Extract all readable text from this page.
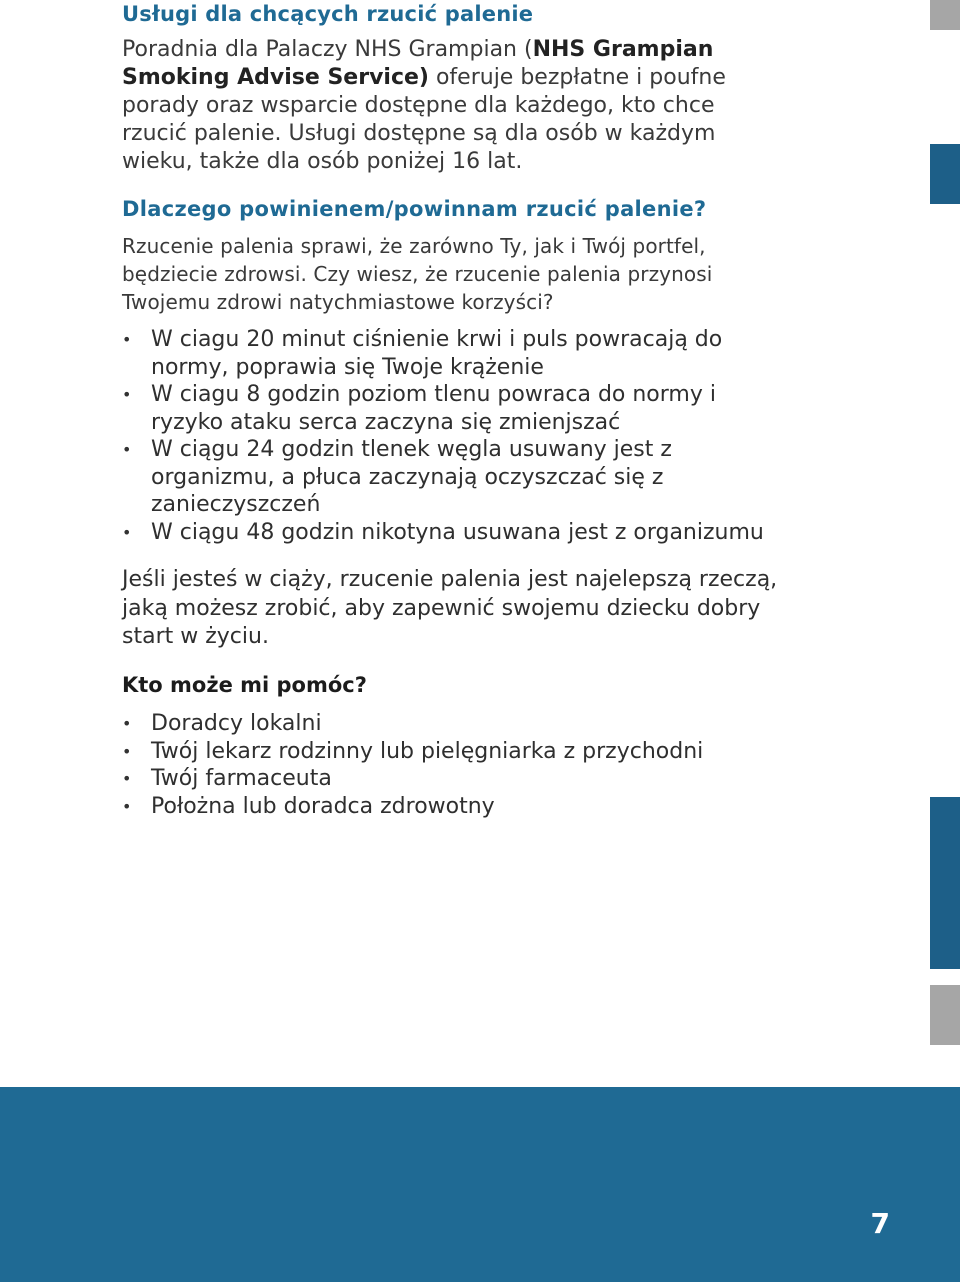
Usługi dla chcących rzucić palenie

Poradnia dla Palaczy NHS Grampian (NHS Grampian Smoking Advise Service) oferuje bezpłatne i poufne porady oraz wsparcie dostępne dla każdego, kto chce rzucić palenie. Usługi dostępne są dla osób w każdym wieku, także dla osób poniżej 16 lat.

Dlaczego powinienem/powinnam rzucić palenie?

Rzucenie palenia sprawi, że zarówno Ty, jak i Twój portfel, będziecie zdrowsi. Czy wiesz, że rzucenie palenia przynosi Twojemu zdrowi natychmiastowe korzyści?

• W ciagu 20 minut ciśnienie krwi i puls powracają do normy, poprawia się Twoje krążenie
• W ciagu 8 godzin poziom tlenu powraca do normy i ryzyko ataku serca zaczyna się zmienjszać
• W ciągu 24 godzin tlenek węgla usuwany jest z organizmu, a płuca zaczynają oczyszczać się z zanieczyszczeń
• W ciągu 48 godzin nikotyna usuwana jest z organizumu

Jeśli jesteś w ciąży, rzucenie palenia jest najelepszą rzeczą, jaką możesz zrobić, aby zapewnić swojemu dziecku dobry start w życiu.

Kto może mi pomóc?
• Doradcy lokalni
• Twój lekarz rodzinny lub pielęgniarka z przychodni
• Twój farmaceuta
• Położna lub doradca zdrowotny
7
